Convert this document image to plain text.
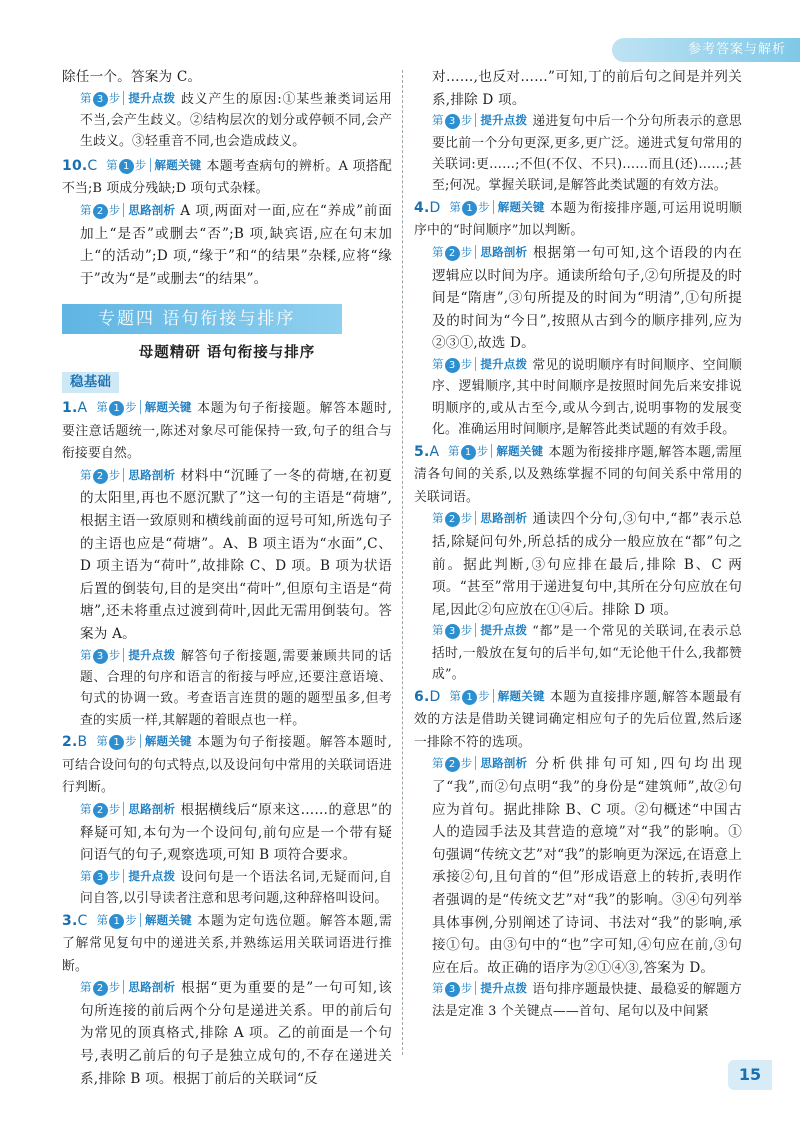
参考答案与解析

除任一个。答案为 C。

第 3 步 提升点拨 歧义产生的原因:①某些兼类词运用不当,会产生歧义。②结构层次的划分或停顿不同,会产生歧义。③轻重音不同,也会造成歧义。

10.C 第 1 步 解题关键 本题考查病句的辨析。A 项搭配不当;B 项成分残缺;D 项句式杂糅。

第 2 步 思路剖析 A 项,两面对一面,应在“养成”前面加上“是否”或删去“否”;B 项,缺宾语,应在句末加上“的活动”;D 项,“缘于”和“的结果”杂糅,应将“缘于”改为“是”或删去“的结果”。

专题四 语句衔接与排序
母题精研 语句衔接与排序
稳基础

1.A 第 1 步 解题关键 本题为句子衔接题。解答本题时,要注意话题统一,陈述对象尽可能保持一致,句子的组合与衔接要自然。

第 2 步 思路剖析 材料中“沉睡了一冬的荷塘,在初夏的太阳里,再也不愿沉默了”这一句的主语是“荷塘”,根据主语一致原则和横线前面的逗号可知,所选句子的主语也应是“荷塘”。A、B 项主语为“水面”,C、D 项主语为“荷叶”,故排除 C、D 项。B 项为状语后置的倒装句,目的是突出“荷叶”,但原句主语是“荷塘”,还未将重点过渡到荷叶,因此无需用倒装句。答案为 A。

第 3 步 提升点拨 解答句子衔接题,需要兼顾共同的话题、合理的句序和语言的衔接与呼应,还要注意语境、句式的协调一致。考查语言连贯的题的题型虽多,但考查的实质一样,其解题的着眼点也一样。

2.B 第 1 步 解题关键 本题为句子衔接题。解答本题时,可结合设问句的句式特点,以及设问句中常用的关联词语进行判断。

第 2 步 思路剖析 根据横线后“原来这……的意思”的释疑可知,本句为一个设问句,前句应是一个带有疑问语气的句子,观察选项,可知 B 项符合要求。

第 3 步 提升点拨 设问句是一个语法名词,无疑而问,自问自答,以引导读者注意和思考问题,这种辞格叫设问。

3.C 第 1 步 解题关键 本题为定句选位题。解答本题,需了解常见复句中的递进关系,并熟练运用关联词语进行推断。

第 2 步 思路剖析 根据“更为重要的是”一句可知,该句所连接的前后两个分句是递进关系。甲的前后句为常见的顶真格式,排除 A 项。乙的前面是一个句号,表明乙前后的句子是独立成句的,不存在递进关系,排除 B 项。根据丁前后的关联词“反

对……,也反对……”可知,丁的前后句之间是并列关系,排除 D 项。

第 3 步 提升点拨 递进复句中后一个分句所表示的意思要比前一个分句更深,更多,更广泛。递进式复句常用的关联词:更……;不但(不仅、不只)……而且(还)……;甚至;何况。掌握关联词,是解答此类试题的有效方法。

4.D 第 1 步 解题关键 本题为衔接排序题,可运用说明顺序中的“时间顺序”加以判断。

第 2 步 思路剖析 根据第一句可知,这个语段的内在逻辑应以时间为序。通读所给句子,②句所提及的时间是“隋唐”,③句所提及的时间为“明清”,①句所提及的时间为“今日”,按照从古到今的顺序排列,应为②③①,故选 D。

第 3 步 提升点拨 常见的说明顺序有时间顺序、空间顺序、逻辑顺序,其中时间顺序是按照时间先后来安排说明顺序的,或从古至今,或从今到古,说明事物的发展变化。准确运用时间顺序,是解答此类试题的有效手段。

5.A 第 1 步 解题关键 本题为衔接排序题,解答本题,需厘清各句间的关系,以及熟练掌握不同的句间关系中常用的关联词语。

第 2 步 思路剖析 通读四个分句,③句中,“都”表示总括,除疑问句外,所总括的成分一般应放在“都”句之前。据此判断,③句应排在最后,排除 B、C 两项。“甚至”常用于递进复句中,其所在分句应放在句尾,因此②句应放在①④后。排除 D 项。

第 3 步 提升点拨 “都”是一个常见的关联词,在表示总括时,一般放在复句的后半句,如“无论他干什么,我都赞成”。

6.D 第 1 步 解题关键 本题为直接排序题,解答本题最有效的方法是借助关键词确定相应句子的先后位置,然后逐一排除不符的选项。

第 2 步 思路剖析 分析供排句可知,四句均出现了“我”,而②句点明“我”的身份是“建筑师”,故②句应为首句。据此排除 B、C 项。②句概述“中国古人的造园手法及其营造的意境”对“我”的影响。①句强调“传统文艺”对“我”的影响更为深远,在语意上承接②句,且句首的“但”形成语意上的转折,表明作者强调的是“传统文艺”对“我”的影响。③④句列举具体事例,分别阐述了诗词、书法对“我”的影响,承接①句。由③句中的“也”字可知,④句应在前,③句应在后。故正确的语序为②①④③,答案为 D。

第 3 步 提升点拨 语句排序题最快捷、最稳妥的解题方法是定准 3 个关键点——首句、尾句以及中间紧

15
